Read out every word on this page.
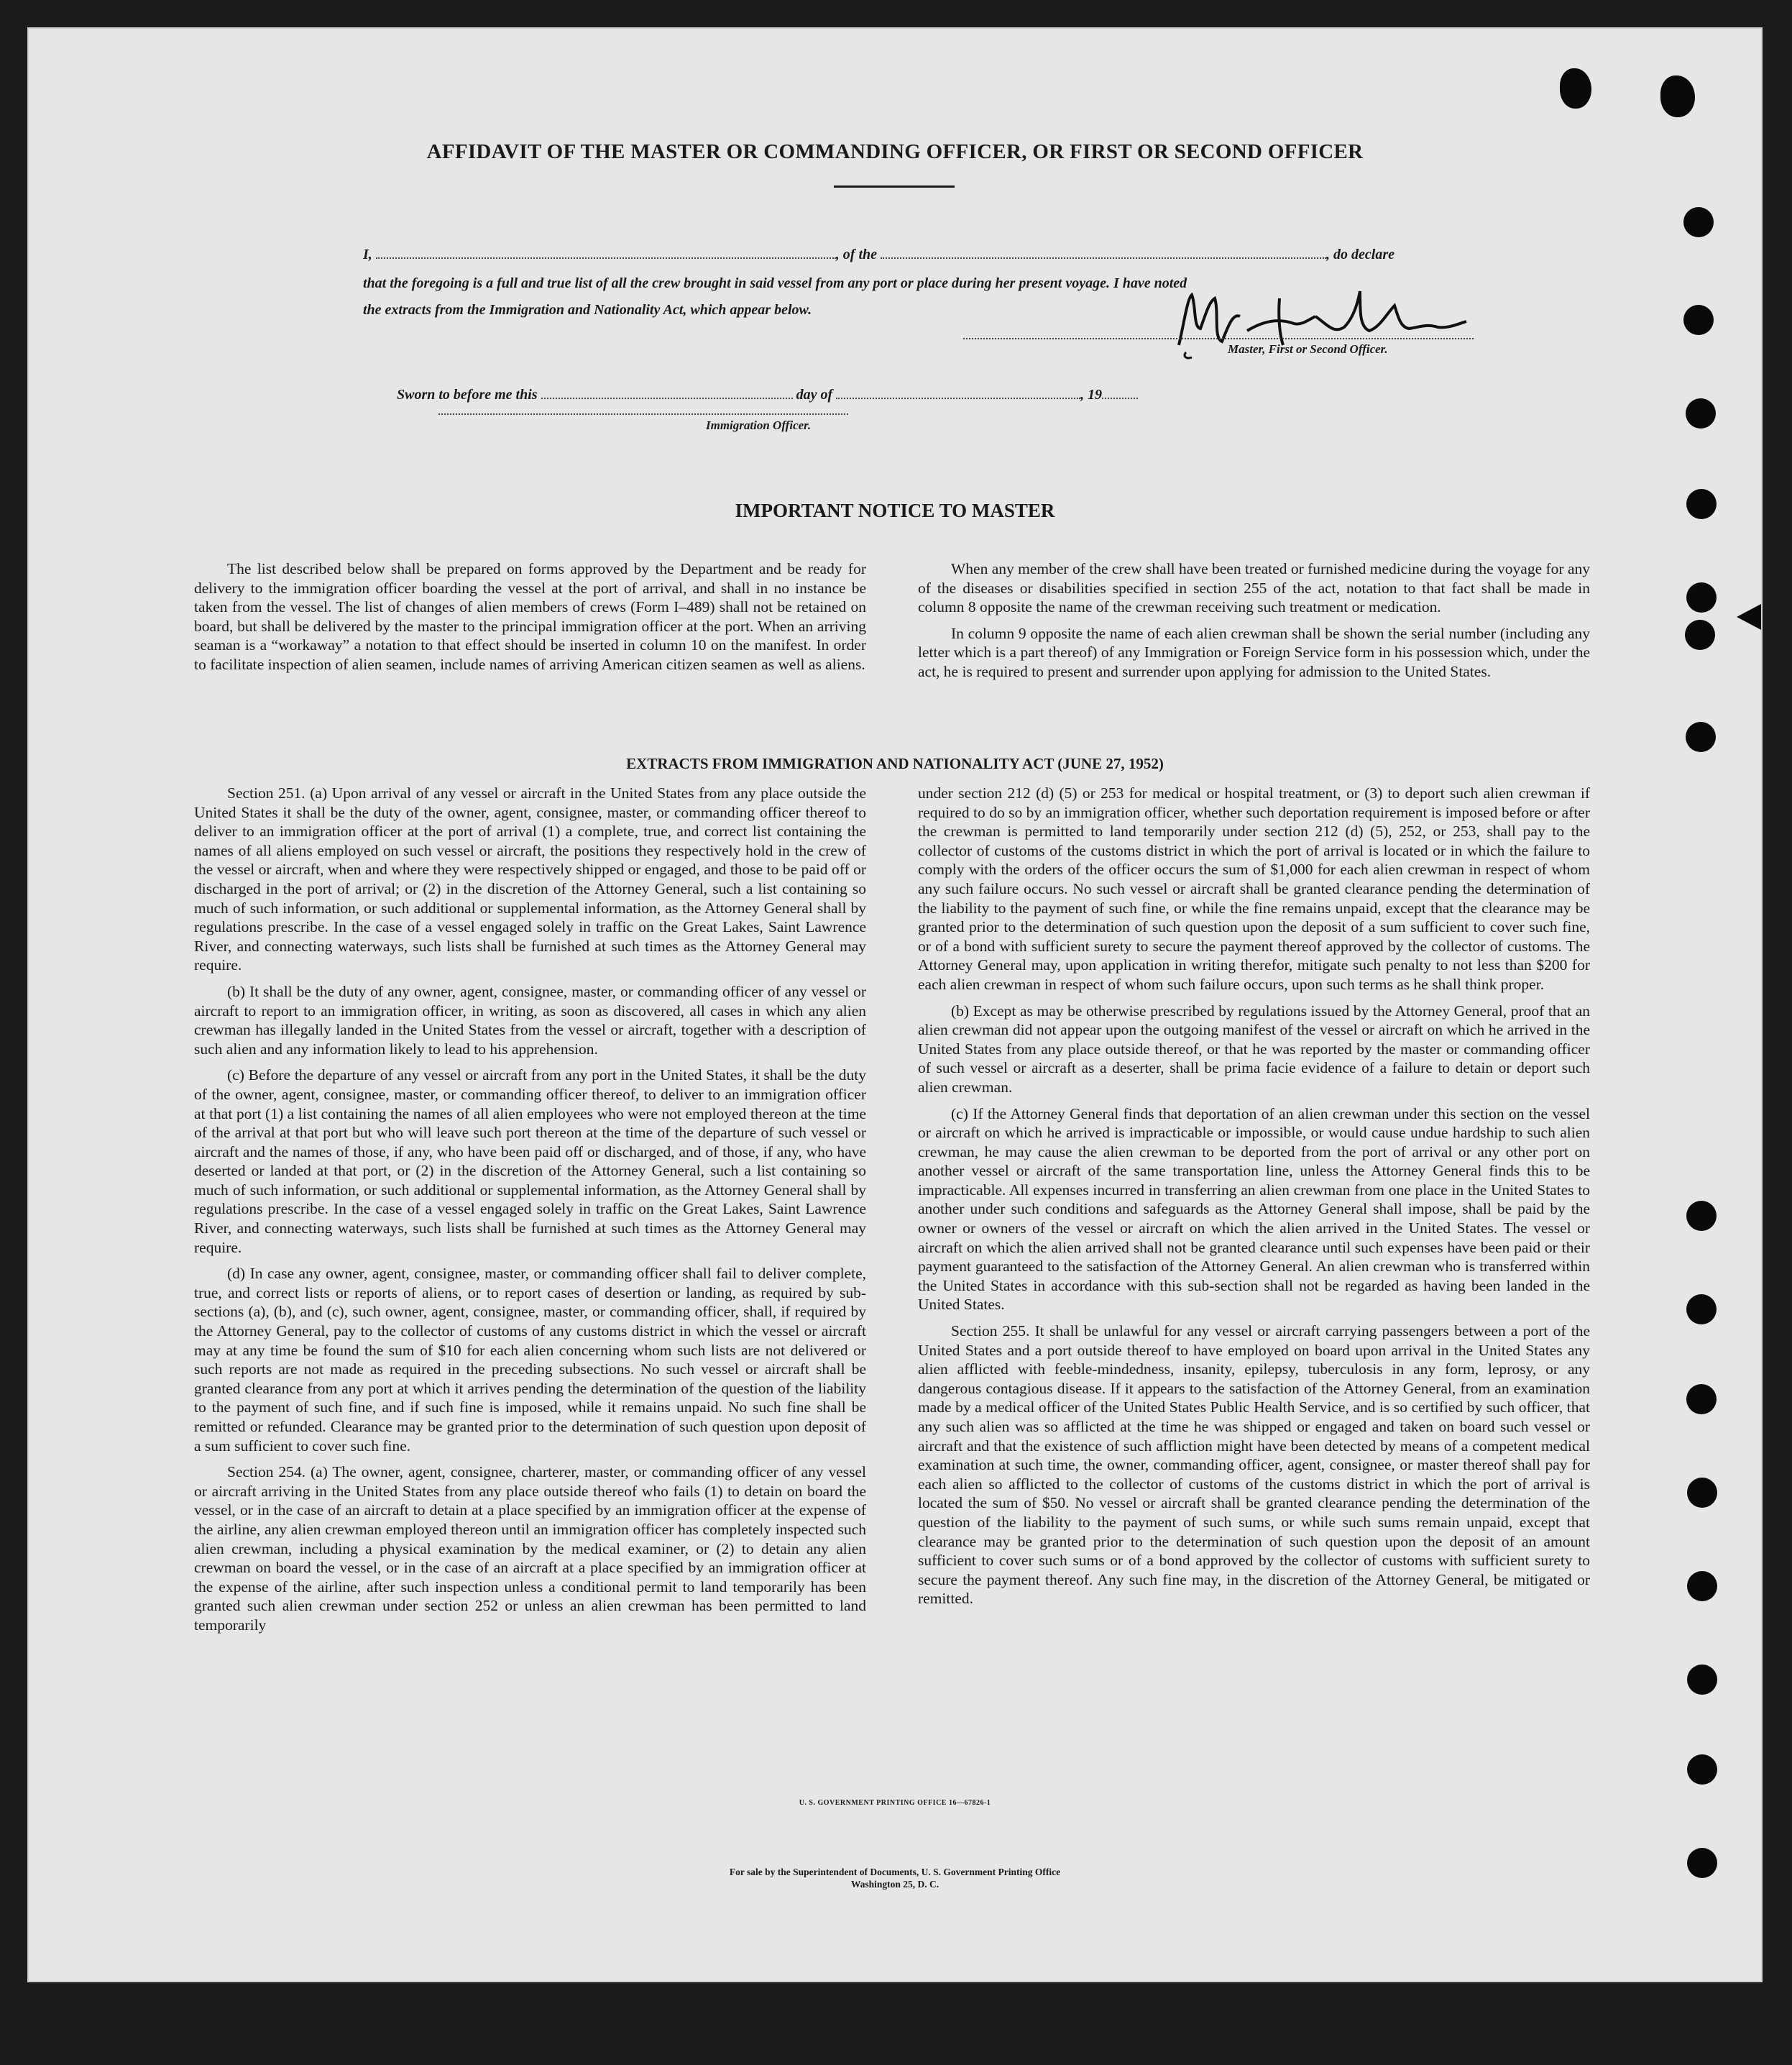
AFFIDAVIT OF THE MASTER OR COMMANDING OFFICER, OR FIRST OR SECOND OFFICER
I,	, of the	, do declare
that the foregoing is a full and true list of all the crew brought in said vessel from any port or place during her present voyage. I have noted
the extracts from the Immigration and Nationality Act, which appear below.
Master, First or Second Officer.
Sworn to before me this	day of	, 19
Immigration Officer.
IMPORTANT NOTICE TO MASTER

The list described below shall be prepared on forms approved by the Department and be ready for delivery to the immigration officer boarding the vessel at the port of arrival, and shall in no instance be taken from the vessel. The list of changes of alien members of crews (Form I–489) shall not be retained on board, but shall be delivered by the master to the principal immigration officer at the port. When an arriving seaman is a “workaway” a notation to that effect should be inserted in column 10 on the manifest. In order to facilitate inspection of alien seamen, include names of arriving American citizen seamen as well as aliens.

When any member of the crew shall have been treated or furnished medicine during the voyage for any of the diseases or disabilities specified in section 255 of the act, notation to that fact shall be made in column 8 opposite the name of the crewman receiving such treatment or medication.

In column 9 opposite the name of each alien crewman shall be shown the serial number (including any letter which is a part thereof) of any Immigration or Foreign Service form in his possession which, under the act, he is required to present and surrender upon applying for admission to the United States.

EXTRACTS FROM IMMIGRATION AND NATIONALITY ACT (JUNE 27, 1952)

Section 251. (a) Upon arrival of any vessel or aircraft in the United States from any place outside the United States it shall be the duty of the owner, agent, consignee, master, or commanding officer thereof to deliver to an immigration officer at the port of arrival (1) a complete, true, and correct list containing the names of all aliens employed on such vessel or aircraft, the positions they respectively hold in the crew of the vessel or aircraft, when and where they were respectively shipped or engaged, and those to be paid off or discharged in the port of arrival; or (2) in the discretion of the Attorney General, such a list containing so much of such information, or such additional or supplemental information, as the Attorney General shall by regulations prescribe. In the case of a vessel engaged solely in traffic on the Great Lakes, Saint Lawrence River, and connecting waterways, such lists shall be furnished at such times as the Attorney General may require.

(b) It shall be the duty of any owner, agent, consignee, master, or commanding officer of any vessel or aircraft to report to an immigration officer, in writing, as soon as discovered, all cases in which any alien crewman has illegally landed in the United States from the vessel or aircraft, together with a description of such alien and any information likely to lead to his apprehension.

(c) Before the departure of any vessel or aircraft from any port in the United States, it shall be the duty of the owner, agent, consignee, master, or commanding officer thereof, to deliver to an immigration officer at that port (1) a list containing the names of all alien employees who were not employed thereon at the time of the arrival at that port but who will leave such port thereon at the time of the departure of such vessel or aircraft and the names of those, if any, who have been paid off or discharged, and of those, if any, who have deserted or landed at that port, or (2) in the discretion of the Attorney General, such a list containing so much of such information, or such additional or supplemental information, as the Attorney General shall by regulations prescribe. In the case of a vessel engaged solely in traffic on the Great Lakes, Saint Lawrence River, and connecting waterways, such lists shall be furnished at such times as the Attorney General may require.

(d) In case any owner, agent, consignee, master, or commanding officer shall fail to deliver complete, true, and correct lists or reports of aliens, or to report cases of desertion or landing, as required by sub-sections (a), (b), and (c), such owner, agent, consignee, master, or commanding officer, shall, if required by the Attorney General, pay to the collector of customs of any customs district in which the vessel or aircraft may at any time be found the sum of $10 for each alien concerning whom such lists are not delivered or such reports are not made as required in the preceding subsections. No such vessel or aircraft shall be granted clearance from any port at which it arrives pending the determination of the question of the liability to the payment of such fine, and if such fine is imposed, while it remains unpaid. No such fine shall be remitted or refunded. Clearance may be granted prior to the determination of such question upon deposit of a sum sufficient to cover such fine.

Section 254. (a) The owner, agent, consignee, charterer, master, or commanding officer of any vessel or aircraft arriving in the United States from any place outside thereof who fails (1) to detain on board the vessel, or in the case of an aircraft to detain at a place specified by an immigration officer at the expense of the airline, any alien crewman employed thereon until an immigration officer has completely inspected such alien crewman, including a physical examination by the medical examiner, or (2) to detain any alien crewman on board the vessel, or in the case of an aircraft at a place specified by an immigration officer at the expense of the airline, after such inspection unless a conditional permit to land temporarily has been granted such alien crewman under section 252 or unless an alien crewman has been permitted to land temporarily

under section 212 (d) (5) or 253 for medical or hospital treatment, or (3) to deport such alien crewman if required to do so by an immigration officer, whether such deportation requirement is imposed before or after the crewman is permitted to land temporarily under section 212 (d) (5), 252, or 253, shall pay to the collector of customs of the customs district in which the port of arrival is located or in which the failure to comply with the orders of the officer occurs the sum of $1,000 for each alien crewman in respect of whom any such failure occurs. No such vessel or aircraft shall be granted clearance pending the determination of the liability to the payment of such fine, or while the fine remains unpaid, except that the clearance may be granted prior to the determination of such question upon the deposit of a sum sufficient to cover such fine, or of a bond with sufficient surety to secure the payment thereof approved by the collector of customs. The Attorney General may, upon application in writing therefor, mitigate such penalty to not less than $200 for each alien crewman in respect of whom such failure occurs, upon such terms as he shall think proper.

(b) Except as may be otherwise prescribed by regulations issued by the Attorney General, proof that an alien crewman did not appear upon the outgoing manifest of the vessel or aircraft on which he arrived in the United States from any place outside thereof, or that he was reported by the master or commanding officer of such vessel or aircraft as a deserter, shall be prima facie evidence of a failure to detain or deport such alien crewman.

(c) If the Attorney General finds that deportation of an alien crewman under this section on the vessel or aircraft on which he arrived is impracticable or impossible, or would cause undue hardship to such alien crewman, he may cause the alien crewman to be deported from the port of arrival or any other port on another vessel or aircraft of the same transportation line, unless the Attorney General finds this to be impracticable. All expenses incurred in transferring an alien crewman from one place in the United States to another under such conditions and safeguards as the Attorney General shall impose, shall be paid by the owner or owners of the vessel or aircraft on which the alien arrived in the United States. The vessel or aircraft on which the alien arrived shall not be granted clearance until such expenses have been paid or their payment guaranteed to the satisfaction of the Attorney General. An alien crewman who is transferred within the United States in accordance with this sub-section shall not be regarded as having been landed in the United States.

Section 255. It shall be unlawful for any vessel or aircraft carrying passengers between a port of the United States and a port outside thereof to have employed on board upon arrival in the United States any alien afflicted with feeble-mindedness, insanity, epilepsy, tuberculosis in any form, leprosy, or any dangerous contagious disease. If it appears to the satisfaction of the Attorney General, from an examination made by a medical officer of the United States Public Health Service, and is so certified by such officer, that any such alien was so afflicted at the time he was shipped or engaged and taken on board such vessel or aircraft and that the existence of such affliction might have been detected by means of a competent medical examination at such time, the owner, commanding officer, agent, consignee, or master thereof shall pay for each alien so afflicted to the collector of customs of the customs district in which the port of arrival is located the sum of $50. No vessel or aircraft shall be granted clearance pending the determination of the question of the liability to the payment of such sums, or while such sums remain unpaid, except that clearance may be granted prior to the determination of such question upon the deposit of an amount sufficient to cover such sums or of a bond approved by the collector of customs with sufficient surety to secure the payment thereof. Any such fine may, in the discretion of the Attorney General, be mitigated or remitted.

U. S. GOVERNMENT PRINTING OFFICE 16—67826-1
For sale by the Superintendent of Documents, U. S. Government Printing Office
Washington 25, D. C.
